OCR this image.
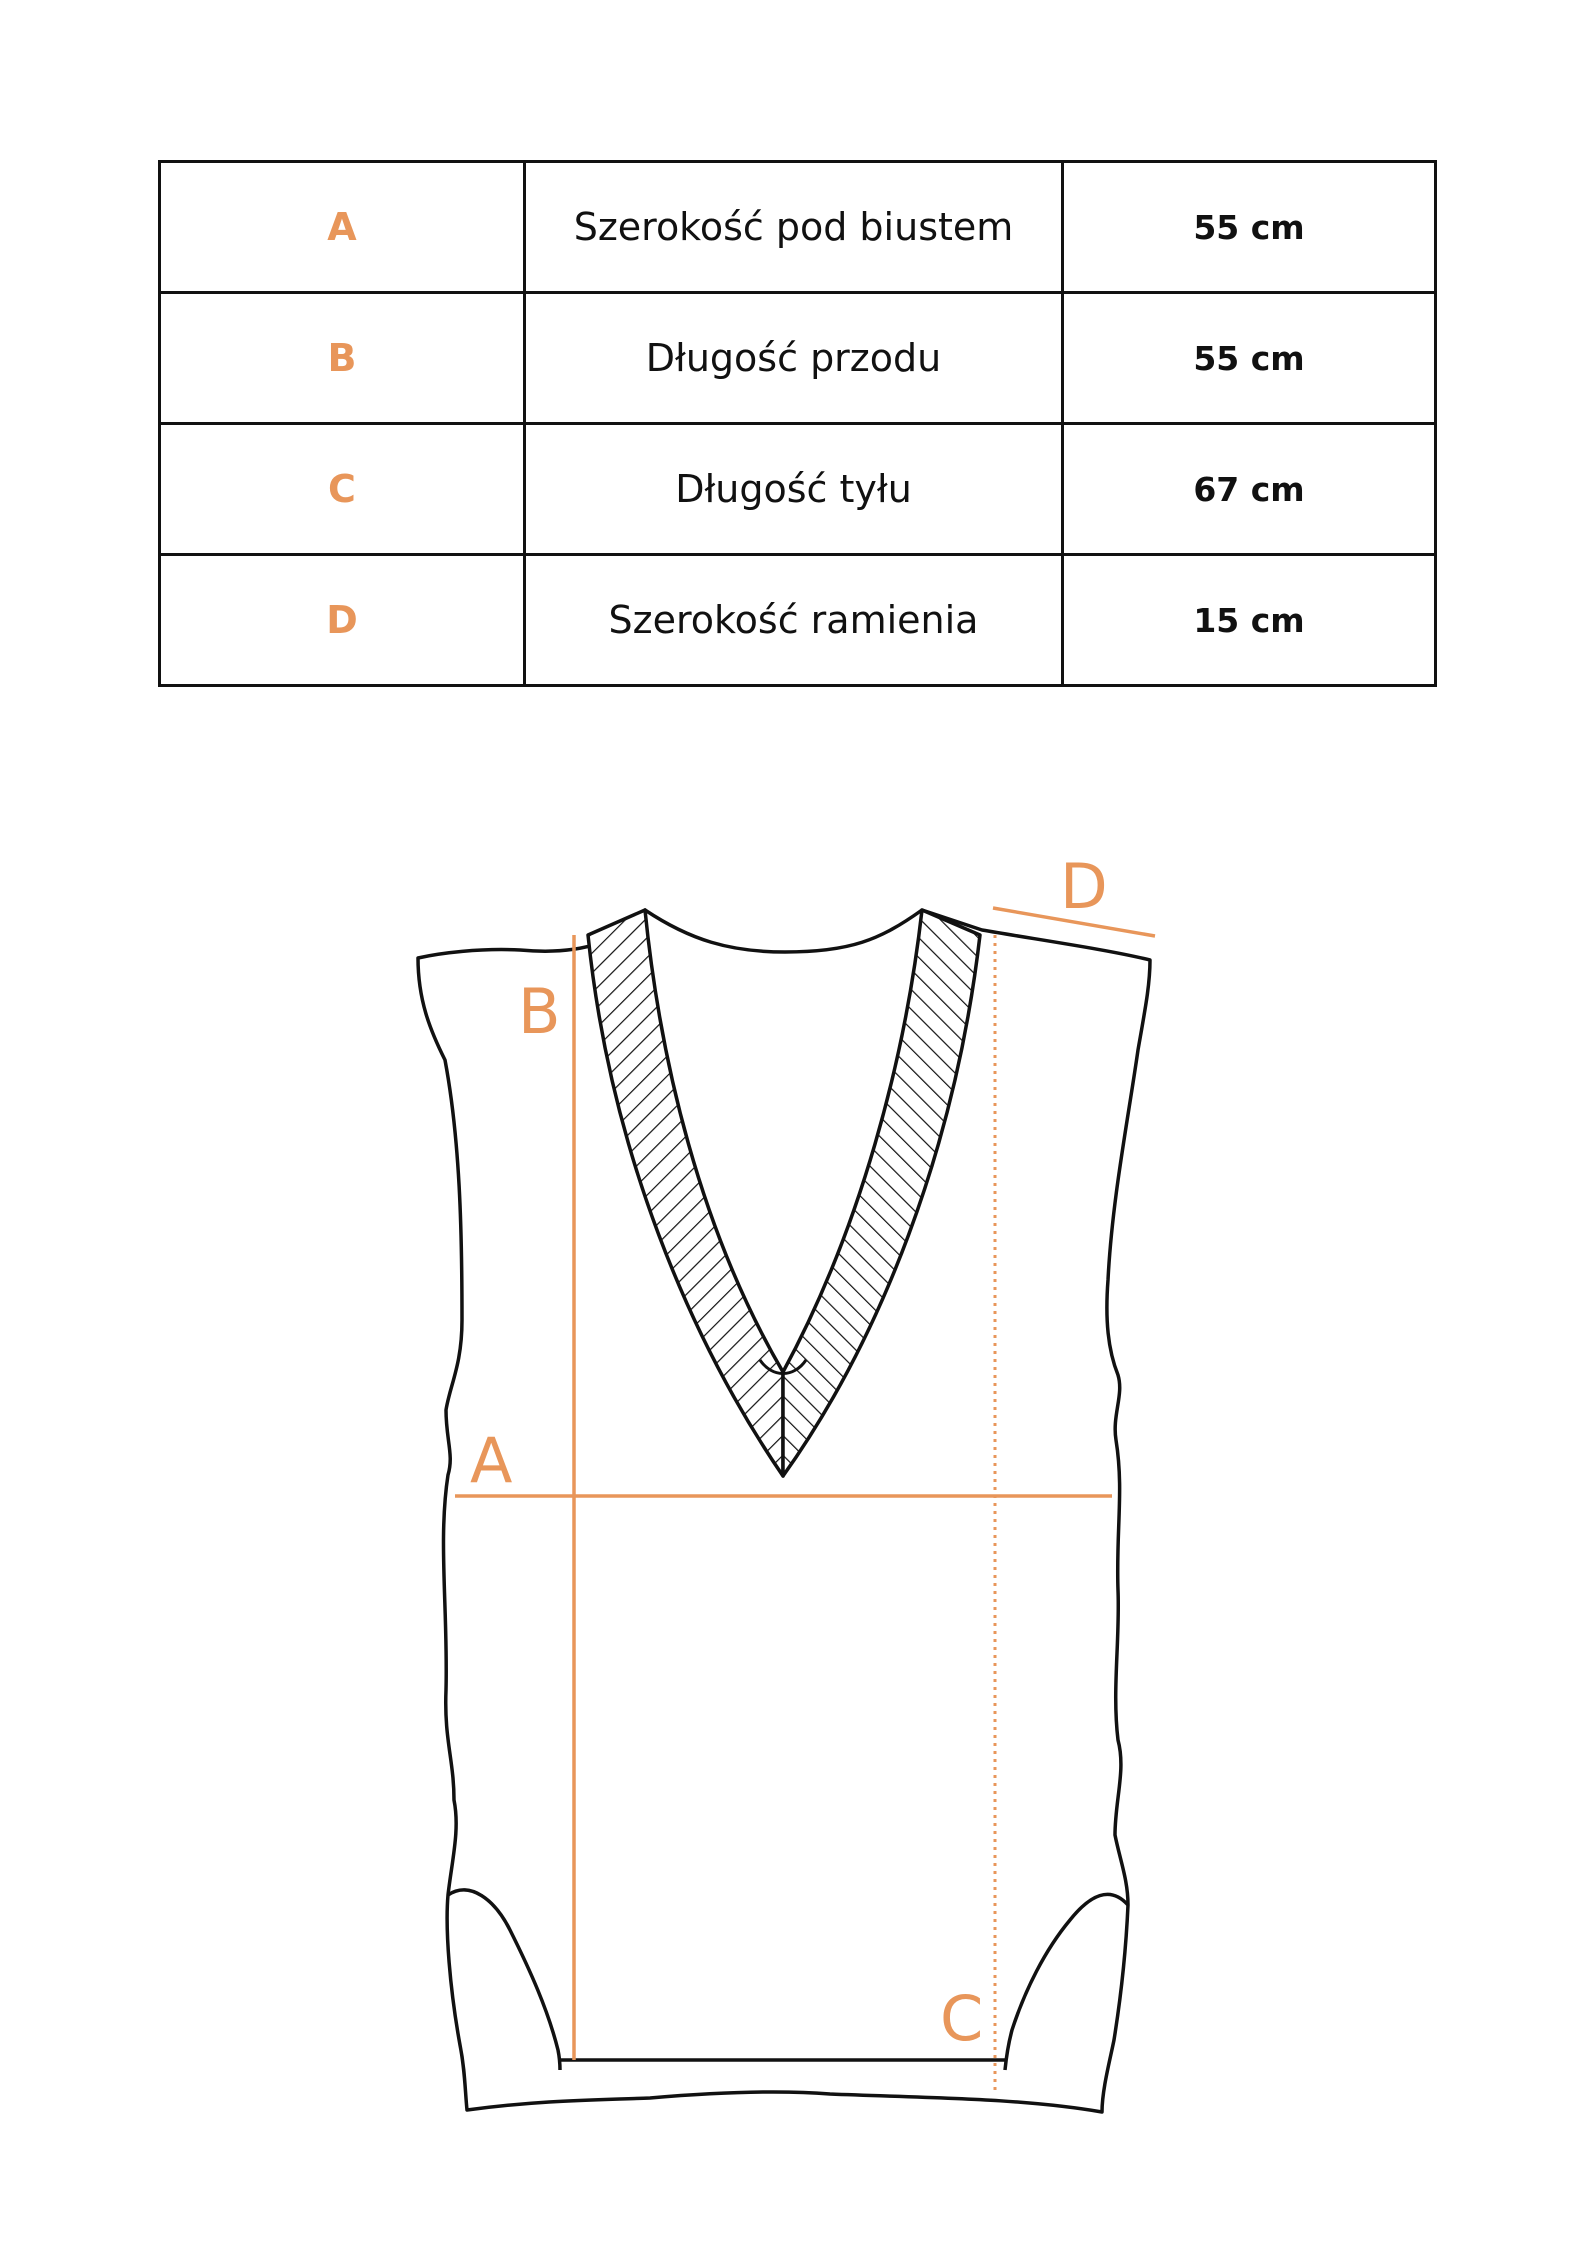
A	Szerokość pod biustem	55 cm
B	Długość przodu	55 cm
C	Długość tyłu	67 cm
D	Szerokość ramienia	15 cm
A
B
C
D
